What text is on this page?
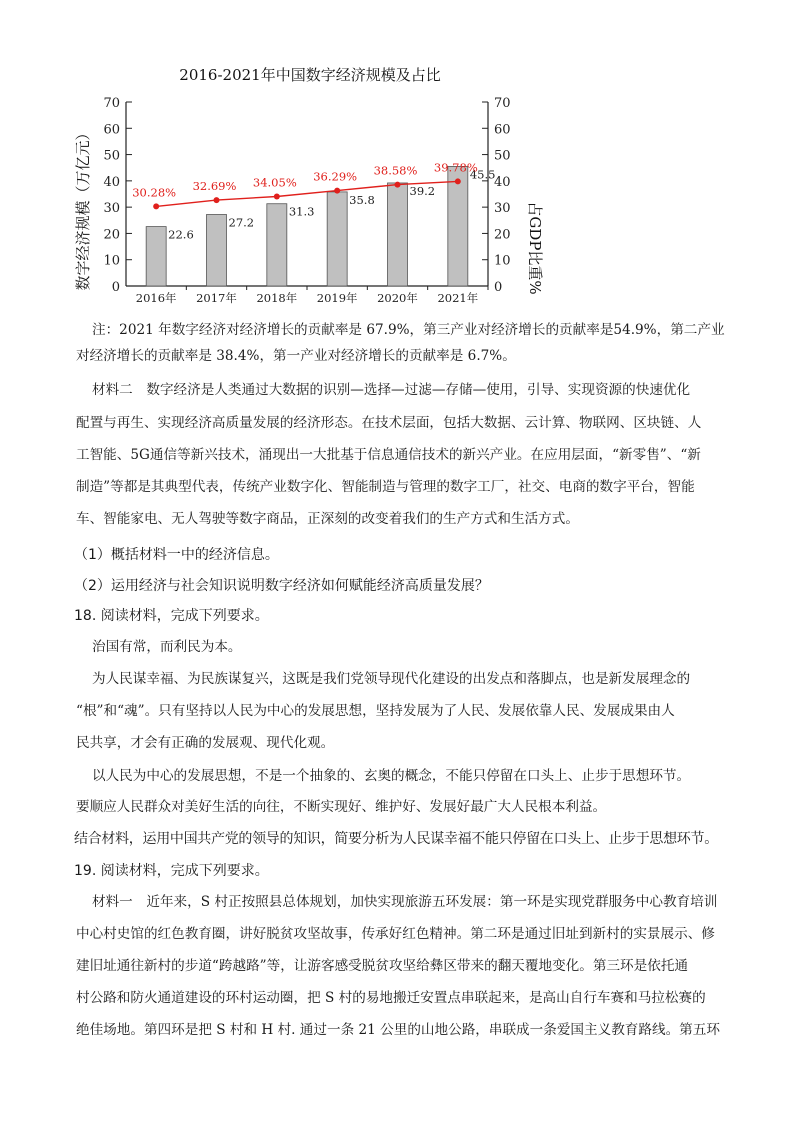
2016-2021年中国数字经济规模及占比
数字经济规模（万亿元）	占GDP比重%
0	0
10	10
20	20
30	30
40	40
50	50
60	60
70	70
22.6
2016年
27.2
2017年
31.3
2018年
35.8
2019年
39.2
2020年
45.5
2021年
30.28% 32.69% 34.05% 36.29% 38.58% 39.78%
注：2021 年数字经济对经济增长的贡献率是 67.9%，第三产业对经济增长的贡献率是54.9%，第二产业
对经济增长的贡献率是 38.4%，第一产业对经济增长的贡献率是 6.7%。
材料二　数字经济是人类通过大数据的识别—选择—过滤—存储—使用，引导、实现资源的快速优化
配置与再生、实现经济高质量发展的经济形态。在技术层面，包括大数据、云计算、物联网、区块链、人
工智能、5G通信等新兴技术，涌现出一大批基于信息通信技术的新兴产业。在应用层面，“新零售”、“新
制造”等都是其典型代表，传统产业数字化、智能制造与管理的数字工厂，社交、电商的数字平台，智能
车、智能家电、无人驾驶等数字商品，正深刻的改变着我们的生产方式和生活方式。
（1）概括材料一中的经济信息。
（2）运用经济与社会知识说明数字经济如何赋能经济高质量发展？
18. 阅读材料，完成下列要求。
治国有常，而利民为本。
为人民谋幸福、为民族谋复兴，这既是我们党领导现代化建设的出发点和落脚点，也是新发展理念的
“根”和“魂”。只有坚持以人民为中心的发展思想，坚持发展为了人民、发展依靠人民、发展成果由人
民共享，才会有正确的发展观、现代化观。
以人民为中心的发展思想，不是一个抽象的、玄奥的概念，不能只停留在口头上、止步于思想环节。
要顺应人民群众对美好生活的向往，不断实现好、维护好、发展好最广大人民根本利益。
结合材料，运用中国共产党的领导的知识，简要分析为人民谋幸福不能只停留在口头上、止步于思想环节。
19. 阅读材料，完成下列要求。
材料一　近年来，S 村正按照县总体规划，加快实现旅游五环发展：第一环是实现党群服务中心教育培训
中心村史馆的红色教育圈，讲好脱贫攻坚故事，传承好红色精神。第二环是通过旧址到新村的实景展示、修
建旧址通往新村的步道“跨越路”等，让游客感受脱贫攻坚给彝区带来的翻天覆地变化。第三环是依托通
村公路和防火通道建设的环村运动圈，把 S 村的易地搬迁安置点串联起来，是高山自行车赛和马拉松赛的
绝佳场地。第四环是把 S 村和 H 村. 通过一条 21 公里的山地公路，串联成一条爱国主义教育路线。第五环
